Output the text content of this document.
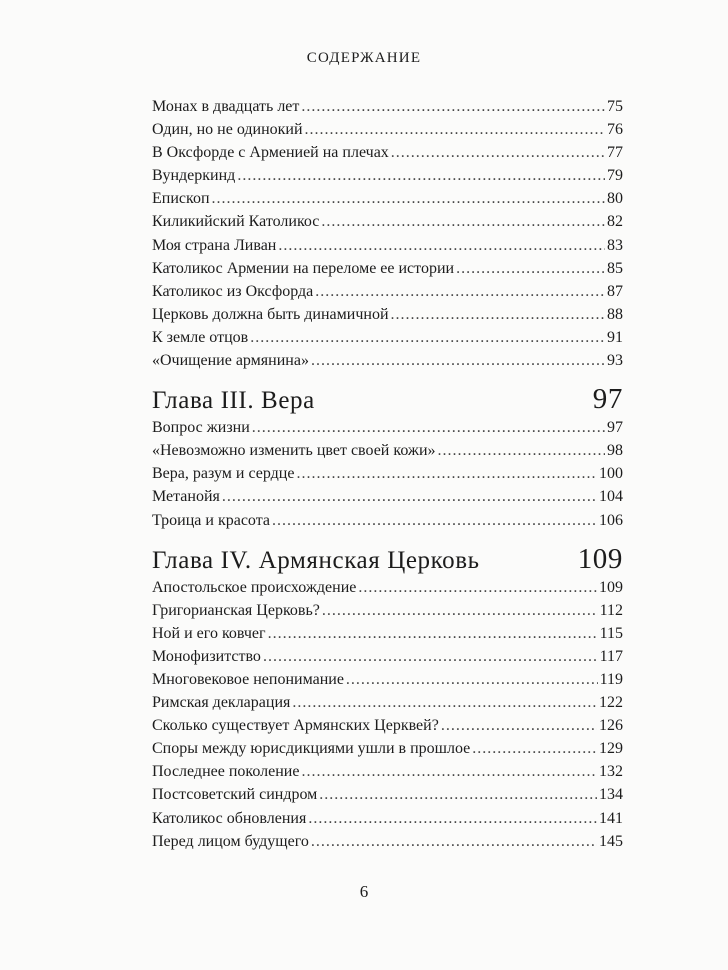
СОДЕРЖАНИЕ
Монах в двадцать лет .....	75
Один, но не одинокий .....	76
В Оксфорде с Арменией на плечах .....	77
Вундеркинд .....	79
Епископ .....	80
Киликийский Католикос .....	82
Моя страна Ливан .....	83
Католикос Армении на переломе ее истории .....	85
Католикос из Оксфорда .....	87
Церковь должна быть динамичной .....	88
К земле отцов .....	91
«Очищение армянина» .....	93
Глава III. Вера	97
Вопрос жизни .....	97
«Невозможно изменить цвет своей кожи» .....	98
Вера, разум и сердце .....	100
Метанойя .....	104
Троица и красота .....	106
Глава IV. Армянская Церковь	109
Апостольское происхождение .....	109
Григорианская Церковь? .....	112
Ной и его ковчег .....	115
Монофизитство .....	117
Многовековое непонимание .....	119
Римская декларация .....	122
Сколько существует Армянских Церквей? .....	126
Споры между юрисдикциями ушли в прошлое .....	129
Последнее поколение .....	132
Постсоветский синдром .....	134
Католикос обновления .....	141
Перед лицом будущего .....	145
6
